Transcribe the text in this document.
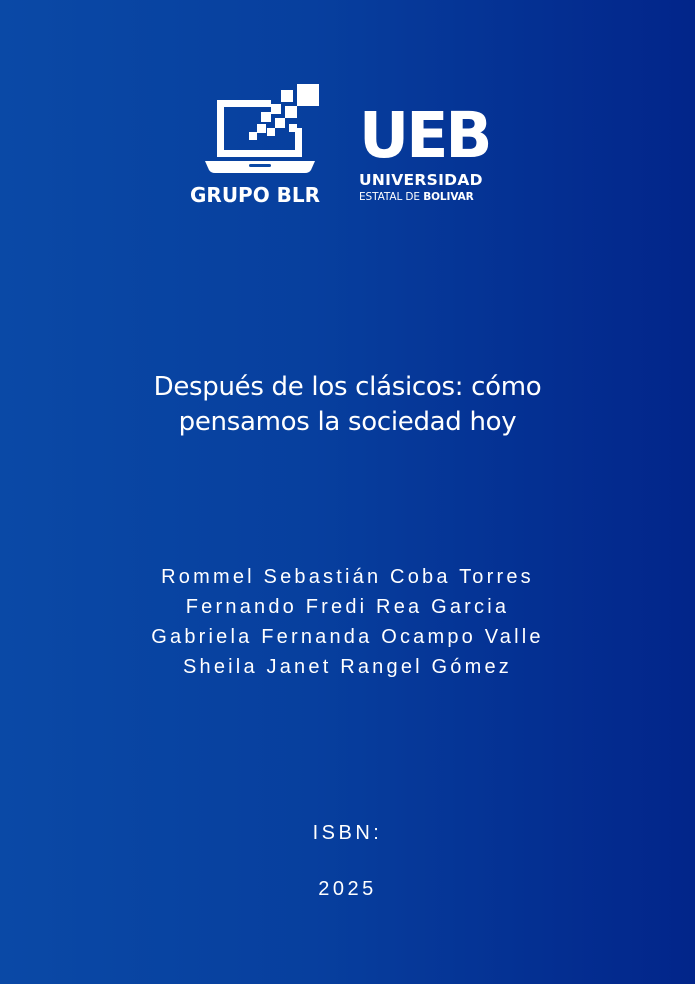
GRUPO BLR
UEB
UNIVERSIDAD
ESTATAL DE BOLIVAR
Después de los clásicos: cómo
pensamos la sociedad hoy
Rommel Sebastián Coba Torres
Fernando Fredi Rea Garcia
Gabriela Fernanda Ocampo Valle
Sheila Janet Rangel Gómez
ISBN:
2025
